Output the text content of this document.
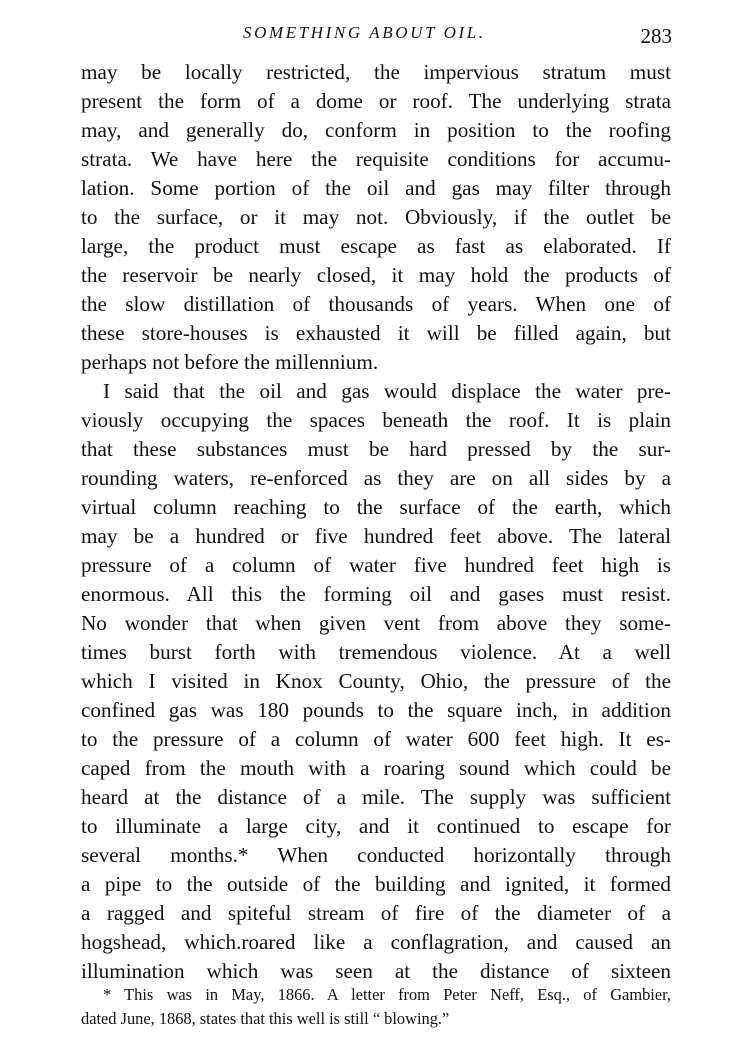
SOMETHING ABOUT OIL.	283
may be locally restricted, the impervious stratum must
present the form of a dome or roof. The underlying strata
may, and generally do, conform in position to the roofing
strata. We have here the requisite conditions for accumu-
lation. Some portion of the oil and gas may filter through
to the surface, or it may not. Obviously, if the outlet be
large, the product must escape as fast as elaborated. If
the reservoir be nearly closed, it may hold the products of
the slow distillation of thousands of years. When one of
these store-houses is exhausted it will be filled again, but
perhaps not before the millennium.
I said that the oil and gas would displace the water pre-
viously occupying the spaces beneath the roof. It is plain
that these substances must be hard pressed by the sur-
rounding waters, re-enforced as they are on all sides by a
virtual column reaching to the surface of the earth, which
may be a hundred or five hundred feet above. The lateral
pressure of a column of water five hundred feet high is
enormous. All this the forming oil and gases must resist.
No wonder that when given vent from above they some-
times burst forth with tremendous violence. At a well
which I visited in Knox County, Ohio, the pressure of the
confined gas was 180 pounds to the square inch, in addition
to the pressure of a column of water 600 feet high. It es-
caped from the mouth with a roaring sound which could be
heard at the distance of a mile. The supply was sufficient
to illuminate a large city, and it continued to escape for
several months.* When conducted horizontally through
a pipe to the outside of the building and ignited, it formed
a ragged and spiteful stream of fire of the diameter of a
hogshead, which.roared like a conflagration, and caused an
illumination which was seen at the distance of sixteen
* This was in May, 1866. A letter from Peter Neff, Esq., of Gambier,
dated June, 1868, states that this well is still “ blowing.”
